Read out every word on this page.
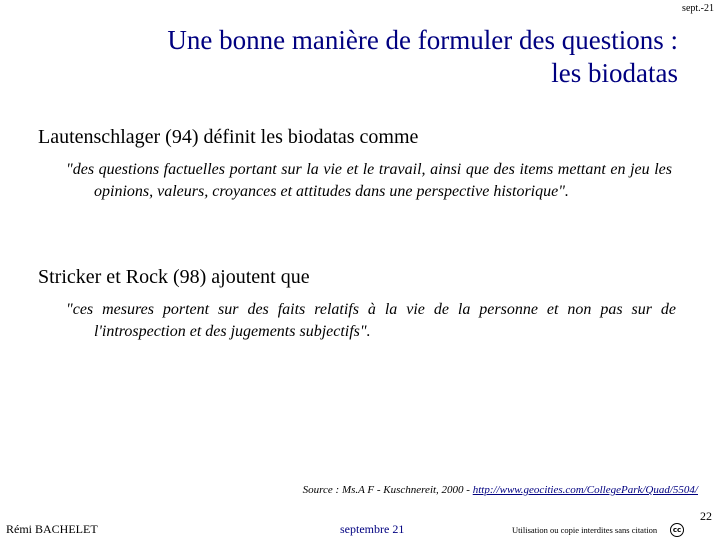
sept.-21
Une bonne manière de formuler des questions :
les biodatas
Lautenschlager (94) définit les biodatas comme
"des questions factuelles portant sur la vie et le travail, ainsi que des items mettant en jeu les opinions, valeurs, croyances et attitudes dans une perspective historique".
Stricker et Rock (98) ajoutent que
"ces mesures portent sur des faits relatifs à la vie de la personne et non pas sur de l'introspection et des jugements subjectifs".
Source : Ms.A F - Kuschnereit, 2000 - http://www.geocities.com/CollegePark/Quad/5504/
22
Rémi BACHELET	septembre 21	Utilisation ou copie interdites sans citation	cc
